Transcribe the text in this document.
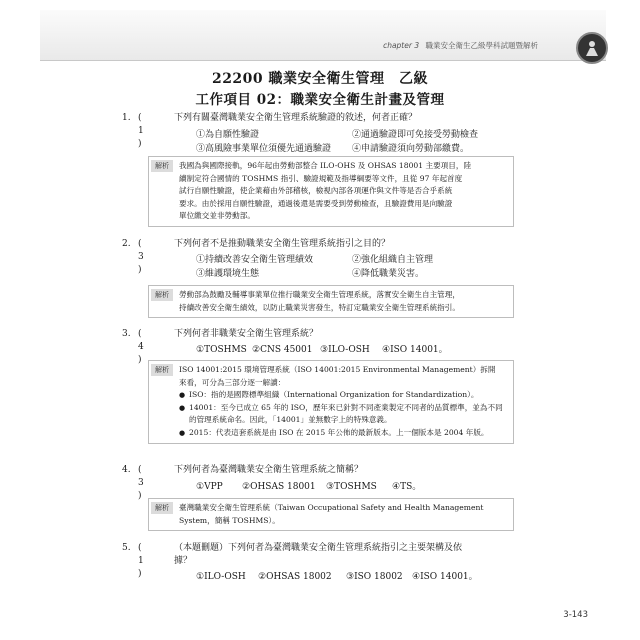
chapter 3 職業安全衛生乙級學科試題暨解析
22200 職業安全衛生管理　乙級
工作項目 02：職業安全衛生計畫及管理
1. ( 1 )
下列有關臺灣職業安全衛生管理系統驗證的敘述，何者正確？
①為自願性驗證	②通過驗證即可免接受勞動檢查
③高風險事業單位須優先通過驗證 ④申請驗證須向勞動部繳費。
解析	我國為與國際接軌，96年起由勞動部整合 ILO-OHS 及 OHSAS 18001 主要項目，陸

續制定符合國情的 TOSHMS 指引、驗證規範及指導綱要等文件，且從 97 年起首度

試行自願性驗證，使企業藉由外部稽核，檢視內部各項運作與文件等是否合乎系統

要求。由於採用自願性驗證，通過後還是需要受到勞動檢查，且驗證費用是向驗證

單位繳交並非勞動部。

2. ( 3 )
下列何者不是推動職業安全衛生管理系統指引之目的？
①持續改善安全衛生管理績效	②強化組織自主管理
③維護環境生態	④降低職業災害。
解析	勞動部為鼓勵及輔導事業單位推行職業安全衛生管理系統，落實安全衛生自主管理，

持續改善安全衛生績效，以防止職業災害發生，特訂定職業安全衛生管理系統指引。

3. ( 4 )
下列何者非職業安全衛生管理系統？
①TOSHMS ②CNS 45001 ③ILO-OSH ④ISO 14001。
解析	ISO 14001:2015 環境管理系統（ISO 14001:2015 Environmental Management）拆開

來看，可分為三部分逐一解讀：

● ISO：指的是國際標準組織（International Organization for Standardization）。

● 14001：至今已成立 65 年的 ISO，歷年來已針對不同產業製定不同者的品質標準，並為不同的管理系統命名。因此，「14001」並無數字上的特殊意義。

● 2015：代表這套系統是由 ISO 在 2015 年公佈的最新版本。上一個版本是 2004 年版。

4. ( 3 )
下列何者為臺灣職業安全衛生管理系統之簡稱？
①VPP ②OHSAS 18001 ③TOSHMS ④TS。
解析	臺灣職業安全衛生管理系統（Taiwan Occupational Safety and Health Management

System，簡稱 TOSHMS）。

5. ( 1 )
（本題刪題）下列何者為臺灣職業安全衛生管理系統指引之主要架構及依
據？
①ILO-OSH ②OHSAS 18002 ③ISO 18002 ④ISO 14001。
3-143
